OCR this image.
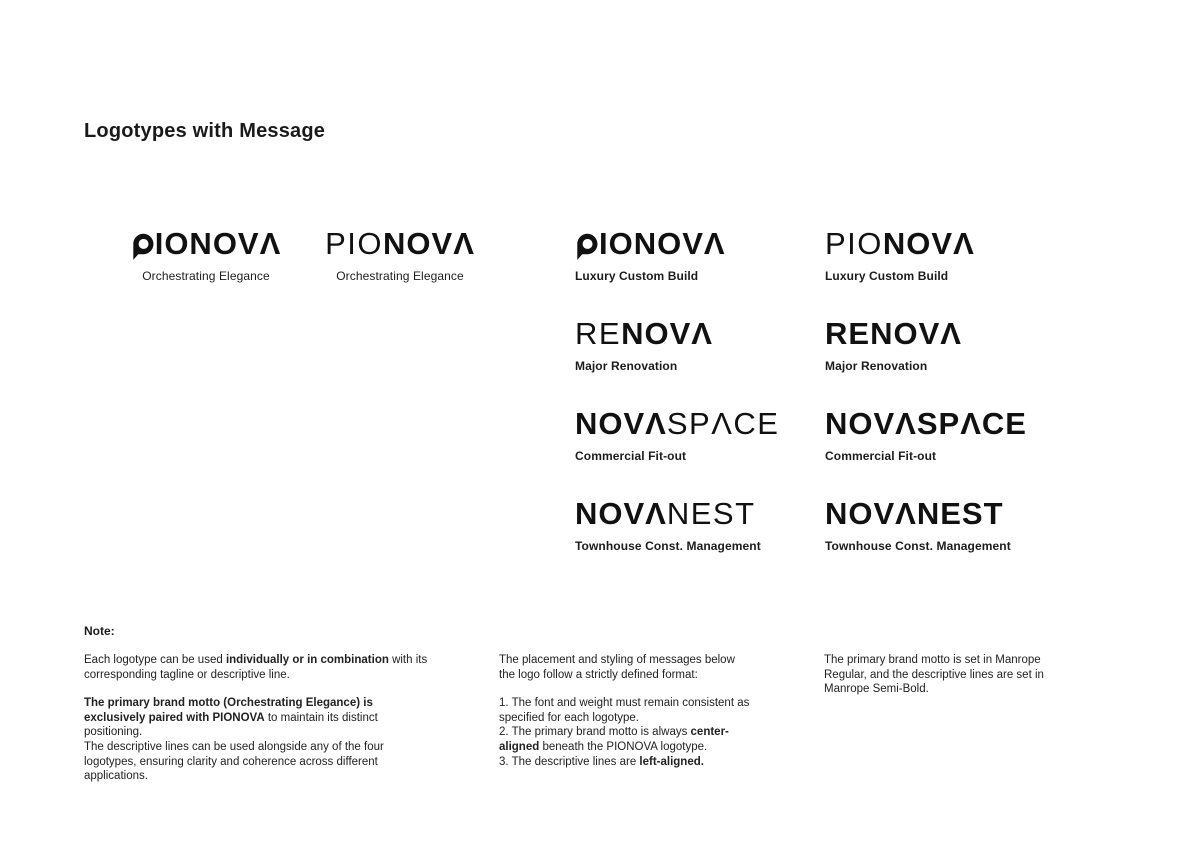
Logotypes with Message
IONOVΛ
Orchestrating Elegance
PIONOVΛ
Orchestrating Elegance
IONOVΛ
Luxury Custom Build
PIONOVΛ
Luxury Custom Build
RENOVΛ
Major Renovation
RENOVΛ
Major Renovation
NOVΛSPΛCE
Commercial Fit-out
NOVΛSPΛCE
Commercial Fit-out
NOVΛNEST
Townhouse Const. Management
NOVΛNEST
Townhouse Const. Management
Note:

Each logotype can be used individually or in combination with its corresponding tagline or descriptive line.

The primary brand motto (Orchestrating Elegance) is exclusively paired with PIONOVA to maintain its distinct positioning.

The descriptive lines can be used alongside any of the four logotypes, ensuring clarity and coherence across different applications.

The placement and styling of messages below the logo follow a strictly defined format:

1. The font and weight must remain consistent as specified for each logotype.

2. The primary brand motto is always center-aligned beneath the PIONOVA logotype.

3. The descriptive lines are left-aligned.

The primary brand motto is set in Manrope Regular, and the descriptive lines are set in Manrope Semi-Bold.
